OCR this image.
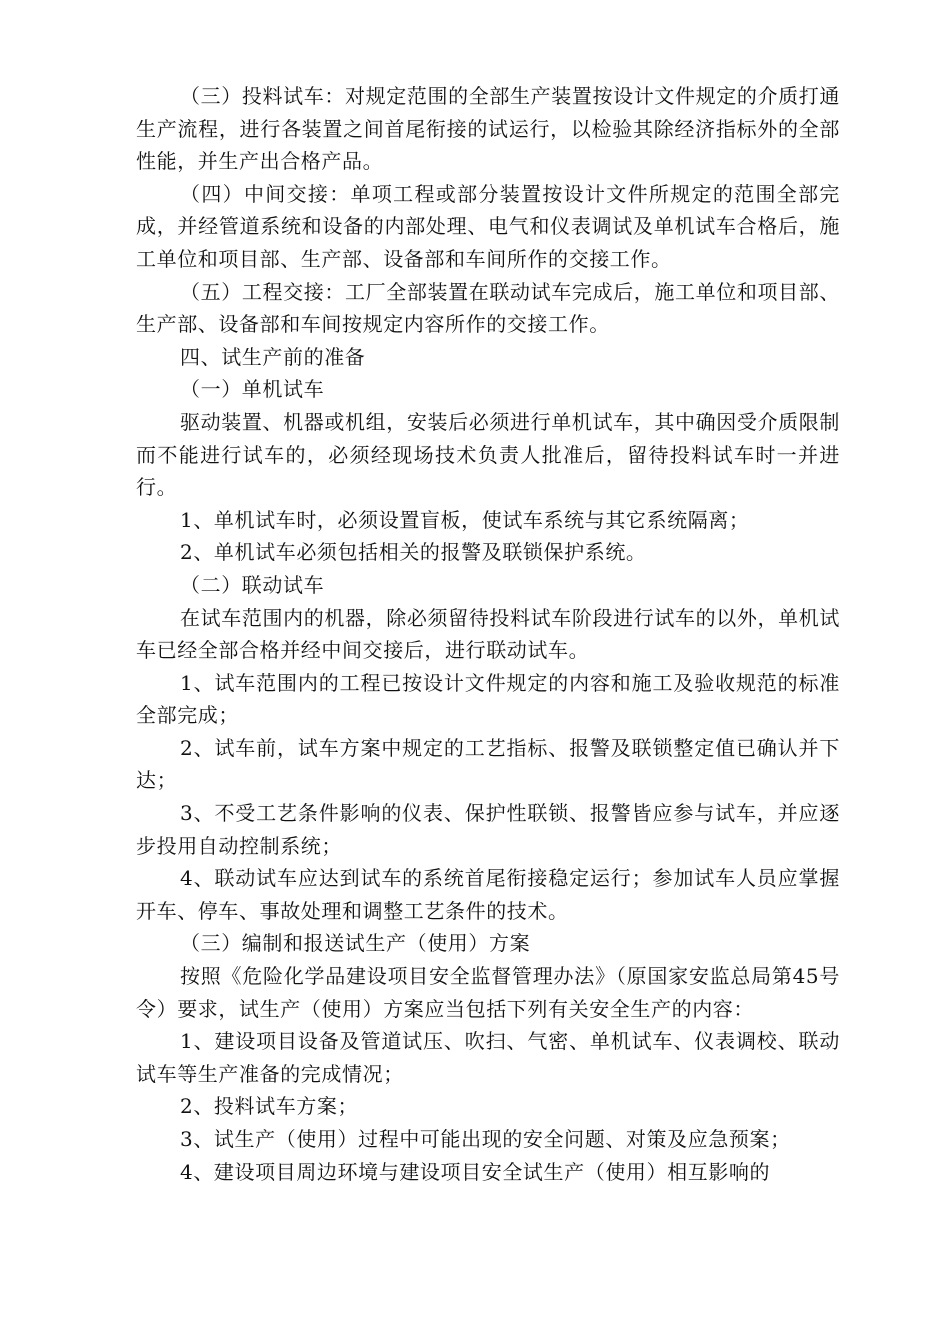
（三）投料试车：对规定范围的全部生产装置按设计文件规定的介质打通生产流程，进行各装置之间首尾衔接的试运行，以检验其除经济指标外的全部性能，并生产出合格产品。

（四）中间交接：单项工程或部分装置按设计文件所规定的范围全部完成，并经管道系统和设备的内部处理、电气和仪表调试及单机试车合格后，施工单位和项目部、生产部、设备部和车间所作的交接工作。

（五）工程交接：工厂全部装置在联动试车完成后，施工单位和项目部、生产部、设备部和车间按规定内容所作的交接工作。

四、试生产前的准备

（一）单机试车

驱动装置、机器或机组，安装后必须进行单机试车，其中确因受介质限制而不能进行试车的，必须经现场技术负责人批准后，留待投料试车时一并进行。

1、单机试车时，必须设置盲板，使试车系统与其它系统隔离；

2、单机试车必须包括相关的报警及联锁保护系统。

（二）联动试车

在试车范围内的机器，除必须留待投料试车阶段进行试车的以外，单机试车已经全部合格并经中间交接后，进行联动试车。

1、试车范围内的工程已按设计文件规定的内容和施工及验收规范的标准全部完成；

2、试车前，试车方案中规定的工艺指标、报警及联锁整定值已确认并下达；

3、不受工艺条件影响的仪表、保护性联锁、报警皆应参与试车，并应逐步投用自动控制系统；

4、联动试车应达到试车的系统首尾衔接稳定运行；参加试车人员应掌握开车、停车、事故处理和调整工艺条件的技术。

（三）编制和报送试生产（使用）方案

按照《危险化学品建设项目安全监督管理办法》（原国家安监总局第45号令）要求，试生产（使用）方案应当包括下列有关安全生产的内容：

1、建设项目设备及管道试压、吹扫、气密、单机试车、仪表调校、联动试车等生产准备的完成情况；

2、投料试车方案；

3、试生产（使用）过程中可能出现的安全问题、对策及应急预案；

4、建设项目周边环境与建设项目安全试生产（使用）相互影响的
